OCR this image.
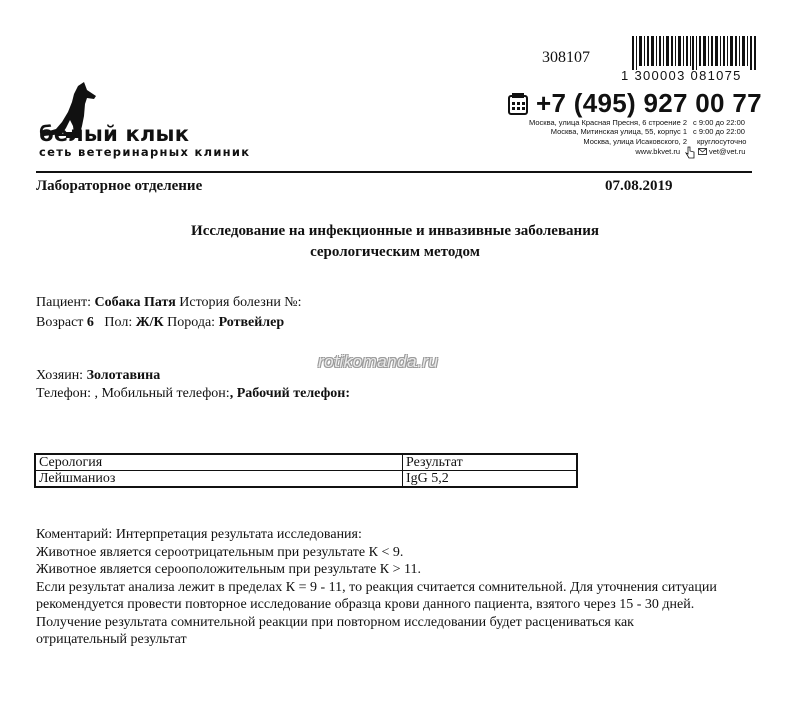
белый клык
сеть ветеринарных клиник
308107
1 300003 081075
+7 (495) 927 00 77
Москва, улица Красная Пресня, 6 строение 2 с 9:00 до 22:00
Москва, Митинская улица, 55, корпус 1 с 9:00 до 22:00
Москва, улица Исаковского, 2 круглосуточно
www.bkvet.ru	vet@vet.ru
Лабораторное отделение	07.08.2019
Исследование на инфекционные и инвазивные заболевания
серологическим методом
Пациент: Собака Патя История болезни №:
Возраст 6 Пол: Ж/К Порода: Ротвейлер
rotikomanda.ru
Хозяин: Золотавина
Телефон: , Мобильный телефон:, Рабочий телефон:
Серология	Результат
Лейшманиоз	IgG 5,2
Коментарий: Интерпретация результата исследования:
Животное является сероотрицательным при результате К < 9.
Животное является серооположительным при результате К > 11.
Если результат анализа лежит в пределах К = 9 - 11, то реакция считается сомнительной. Для уточнения ситуации
рекомендуется провести повторное исследование образца крови данного пациента, взятого через 15 - 30 дней.
Получение результата сомнительной реакции при повторном исследовании будет расцениваться как
отрицательный результат
